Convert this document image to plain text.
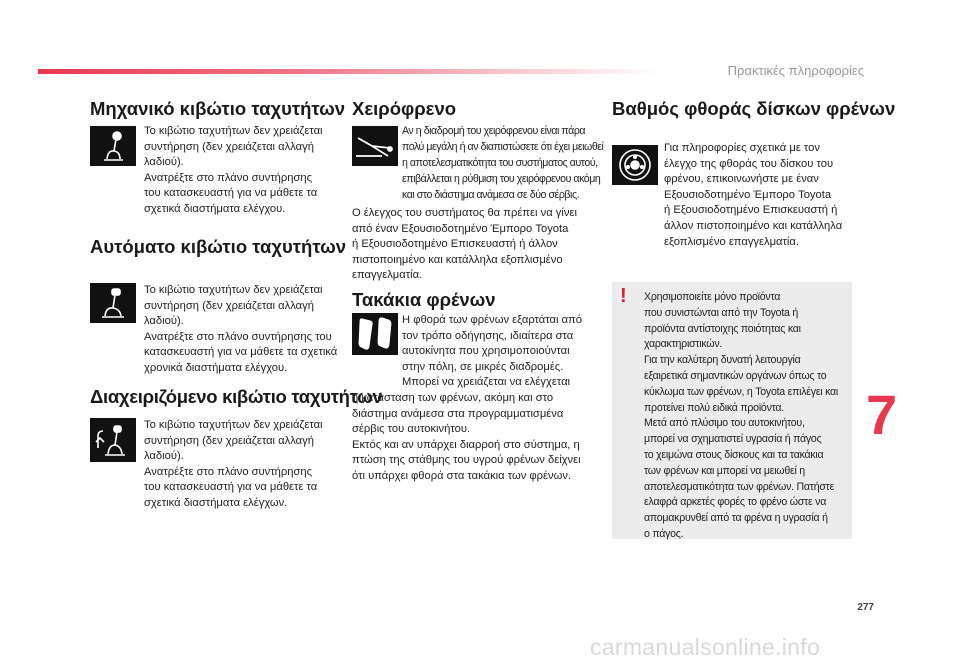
Πρακτικές πληροφορίες
Μηχανικό κιβώτιο ταχυτήτων

Το κιβώτιο ταχυτήτων δεν χρειάζεται
συντήρηση (δεν χρειάζεται αλλαγή
λαδιού).
Ανατρέξτε στο πλάνο συντήρησης
του κατασκευαστή για να μάθετε τα
σχετικά διαστήματα ελέγχου.

Αυτόματο κιβώτιο ταχυτήτων

Το κιβώτιο ταχυτήτων δεν χρειάζεται
συντήρηση (δεν χρειάζεται αλλαγή
λαδιού).
Ανατρέξτε στο πλάνο συντήρησης του
κατασκευαστή για να μάθετε τα σχετικά
χρονικά διαστήματα ελέγχου.

Διαχειριζόμενο κιβώτιο ταχυτήτων

Το κιβώτιο ταχυτήτων δεν χρειάζεται
συντήρηση (δεν χρειάζεται αλλαγή
λαδιού).
Ανατρέξτε στο πλάνο συντήρησης
του κατασκευαστή για να μάθετε τα
σχετικά διαστήματα ελέγχων.

Χειρόφρενο

Αν η διαδρομή του χειρόφρενου είναι πάρα
πολύ μεγάλη ή αν διαπιστώσετε ότι έχει μειωθεί
η αποτελεσματικότητα του συστήματος αυτού,
επιβάλλεται η ρύθμιση του χειρόφρενου ακόμη
και στο διάστημα ανάμεσα σε δύο σέρβις.

Ο έλεγχος του συστήματος θα πρέπει να γίνει
από έναν Εξουσιοδοτημένο Έμπορο Toyota
ή Εξουσιοδοτημένο Επισκευαστή ή άλλον
πιστοποιημένο και κατάλληλα εξοπλισμένο
επαγγελματία.

Τακάκια φρένων

Η φθορά των φρένων εξαρτάται από
τον τρόπο οδήγησης, ιδιαίτερα στα
αυτοκίνητα που χρησιμοποιούνται
στην πόλη, σε μικρές διαδρομές.
Μπορεί να χρειάζεται να ελέγχεται

η κατάσταση των φρένων, ακόμη και στο
διάστημα ανάμεσα στα προγραμματισμένα
σέρβις του αυτοκινήτου.
Εκτός και αν υπάρχει διαρροή στο σύστημα, η
πτώση της στάθμης του υγρού φρένων δείχνει
ότι υπάρχει φθορά στα τακάκια των φρένων.

Βαθμός φθοράς δίσκων φρένων

Για πληροφορίες σχετικά με τον
έλεγχο της φθοράς του δίσκου του
φρένου, επικοινωνήστε με έναν
Εξουσιοδοτημένο Έμπορο Toyota
ή Εξουσιοδοτημένο Επισκευαστή ή
άλλον πιστοποιημένο και κατάλληλα
εξοπλισμένο επαγγελματία.

! Χρησιμοποιείτε μόνο προϊόντα
που συνιστώνται από την Toyota ή
προϊόντα αντίστοιχης ποιότητας και
χαρακτηριστικών.
Για την καλύτερη δυνατή λειτουργία
εξαιρετικά σημαντικών οργάνων όπως το
κύκλωμα των φρένων, η Toyota επιλέγει και
προτείνει πολύ ειδικά προϊόντα.
Μετά από πλύσιμο του αυτοκινήτου,
μπορεί να σχηματιστεί υγρασία ή πάγος
το χειμώνα στους δίσκους και τα τακάκια
των φρένων και μπορεί να μειωθεί η
αποτελεσματικότητα των φρένων. Πατήστε
ελαφρά αρκετές φορές το φρένο ώστε να
απομακρυνθεί από τα φρένα η υγρασία ή
ο πάγος.

7
277
carmanualsonline.info
